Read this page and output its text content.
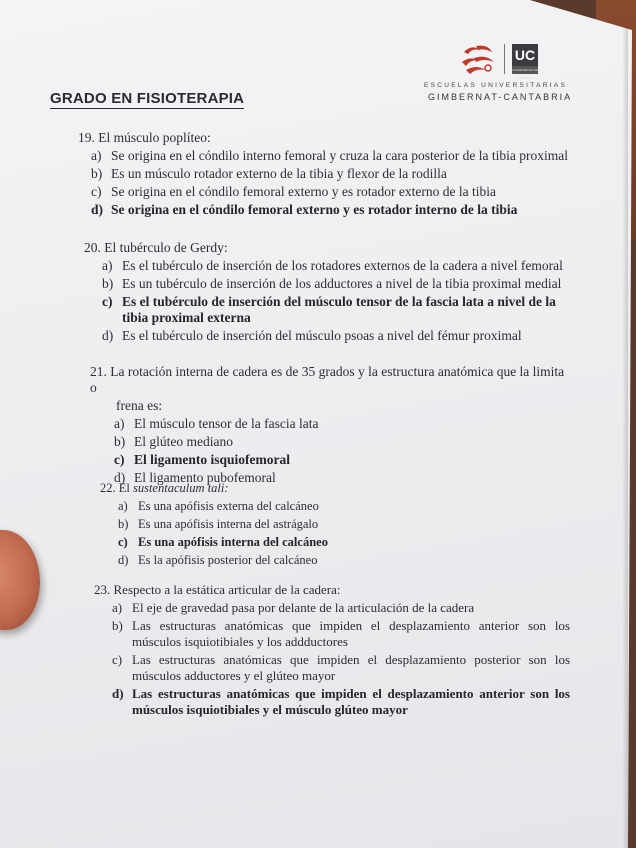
GRADO EN FISIOTERAPIA
UC
UNIVERSIDAD DE CANTABRIA
ESCUELAS UNIVERSITARIAS
GIMBERNAT-CANTABRIA
19. El músculo poplíteo:
a) Se origina en el cóndilo interno femoral y cruza la cara posterior de la tibia proximal
b) Es un músculo rotador externo de la tibia y flexor de la rodilla
c) Se origina en el cóndilo femoral externo y es rotador externo de la tibia
d) Se origina en el cóndilo femoral externo y es rotador interno de la tibia
20. El tubérculo de Gerdy:
a) Es el tubérculo de inserción de los rotadores externos de la cadera a nivel femoral
b) Es un tubérculo de inserción de los adductores a nivel de la tibia proximal medial
c) Es el tubérculo de inserción del músculo tensor de la fascia lata a nivel de la tibia proximal externa
d) Es el tubérculo de inserción del músculo psoas a nivel del fémur proximal
21. La rotación interna de cadera es de 35 grados y la estructura anatómica que la limita o
frena es:
a) El músculo tensor de la fascia lata
b) El glúteo mediano
c) El ligamento isquiofemoral
d) El ligamento pubofemoral
22. El sustentaculum tali:
a) Es una apófisis externa del calcáneo
b) Es una apófisis interna del astrágalo
c) Es una apófisis interna del calcáneo
d) Es la apófisis posterior del calcáneo
23. Respecto a la estática articular de la cadera:
a) El eje de gravedad pasa por delante de la articulación de la cadera
b) Las estructuras anatómicas que impiden el desplazamiento anterior son los músculos isquiotibiales y los addductores
c) Las estructuras anatómicas que impiden el desplazamiento posterior son los músculos adductores y el glúteo mayor
d) Las estructuras anatómicas que impiden el desplazamiento anterior son los músculos isquiotibiales y el músculo glúteo mayor
